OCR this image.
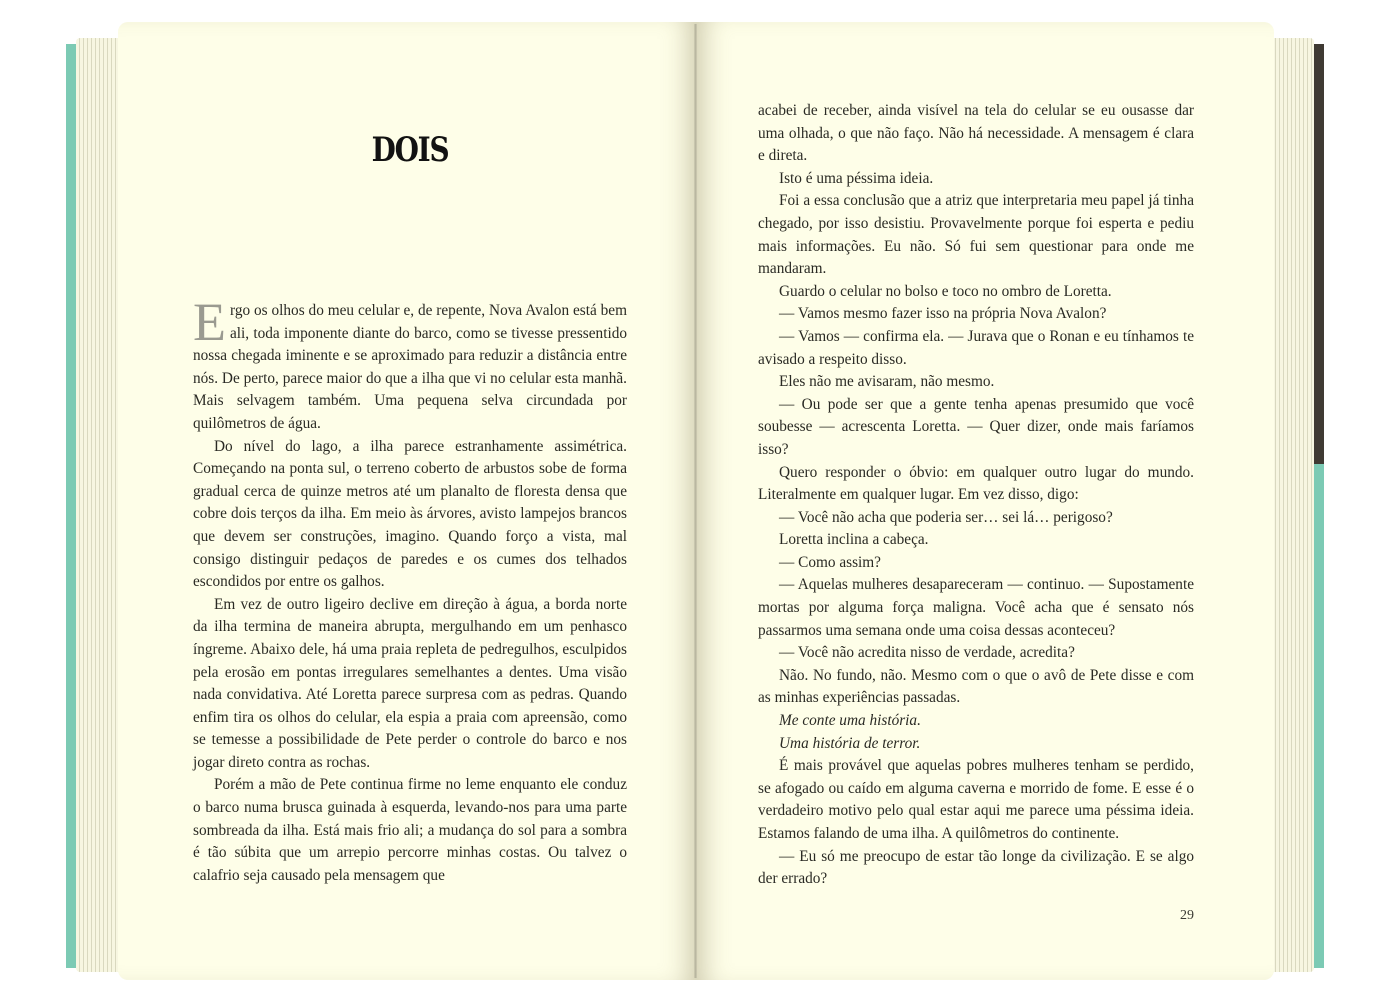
DOIS

Ergo os olhos do meu celular e, de repente, Nova Avalon está bem ali, toda imponente diante do barco, como se tivesse pressentido nossa chegada iminente e se aproximado para reduzir a distância entre nós. De perto, parece maior do que a ilha que vi no celular esta manhã. Mais selvagem também. Uma pequena selva circundada por quilômetros de água.

Do nível do lago, a ilha parece estranhamente assimétrica. Começando na ponta sul, o terreno coberto de arbustos sobe de forma gradual cerca de quinze metros até um planalto de floresta densa que cobre dois terços da ilha. Em meio às árvores, avisto lampejos brancos que devem ser construções, imagino. Quando forço a vista, mal consigo distinguir pedaços de paredes e os cumes dos telhados escondidos por entre os galhos.

Em vez de outro ligeiro declive em direção à água, a borda norte da ilha termina de maneira abrupta, mergulhando em um penhasco íngreme. Abaixo dele, há uma praia repleta de pedregulhos, esculpidos pela erosão em pontas irregulares semelhantes a dentes. Uma visão nada convidativa. Até Loretta parece surpresa com as pedras. Quando enfim tira os olhos do celular, ela espia a praia com apreensão, como se temesse a possibilidade de Pete perder o controle do barco e nos jogar direto contra as rochas.

Porém a mão de Pete continua firme no leme enquanto ele conduz o barco numa brusca guinada à esquerda, levando-nos para uma parte sombreada da ilha. Está mais frio ali; a mudança do sol para a sombra é tão súbita que um arrepio percorre minhas costas. Ou talvez o calafrio seja causado pela mensagem que

acabei de receber, ainda visível na tela do celular se eu ousasse dar uma olhada, o que não faço. Não há necessidade. A mensagem é clara e direta.

Isto é uma péssima ideia.

Foi a essa conclusão que a atriz que interpretaria meu papel já tinha chegado, por isso desistiu. Provavelmente porque foi esperta e pediu mais informações. Eu não. Só fui sem questionar para onde me mandaram.

Guardo o celular no bolso e toco no ombro de Loretta.

— Vamos mesmo fazer isso na própria Nova Avalon?

— Vamos — confirma ela. — Jurava que o Ronan e eu tínhamos te avisado a respeito disso.

Eles não me avisaram, não mesmo.

— Ou pode ser que a gente tenha apenas presumido que você soubesse — acrescenta Loretta. — Quer dizer, onde mais faríamos isso?

Quero responder o óbvio: em qualquer outro lugar do mundo. Literalmente em qualquer lugar. Em vez disso, digo:

— Você não acha que poderia ser… sei lá… perigoso?

Loretta inclina a cabeça.

— Como assim?

— Aquelas mulheres desapareceram — continuo. — Supostamente mortas por alguma força maligna. Você acha que é sensato nós passarmos uma semana onde uma coisa dessas aconteceu?

— Você não acredita nisso de verdade, acredita?

Não. No fundo, não. Mesmo com o que o avô de Pete disse e com as minhas experiências passadas.

Me conte uma história.

Uma história de terror.

É mais provável que aquelas pobres mulheres tenham se perdido, se afogado ou caído em alguma caverna e morrido de fome. E esse é o verdadeiro motivo pelo qual estar aqui me parece uma péssima ideia. Estamos falando de uma ilha. A quilômetros do continente.

— Eu só me preocupo de estar tão longe da civilização. E se algo der errado?

29
